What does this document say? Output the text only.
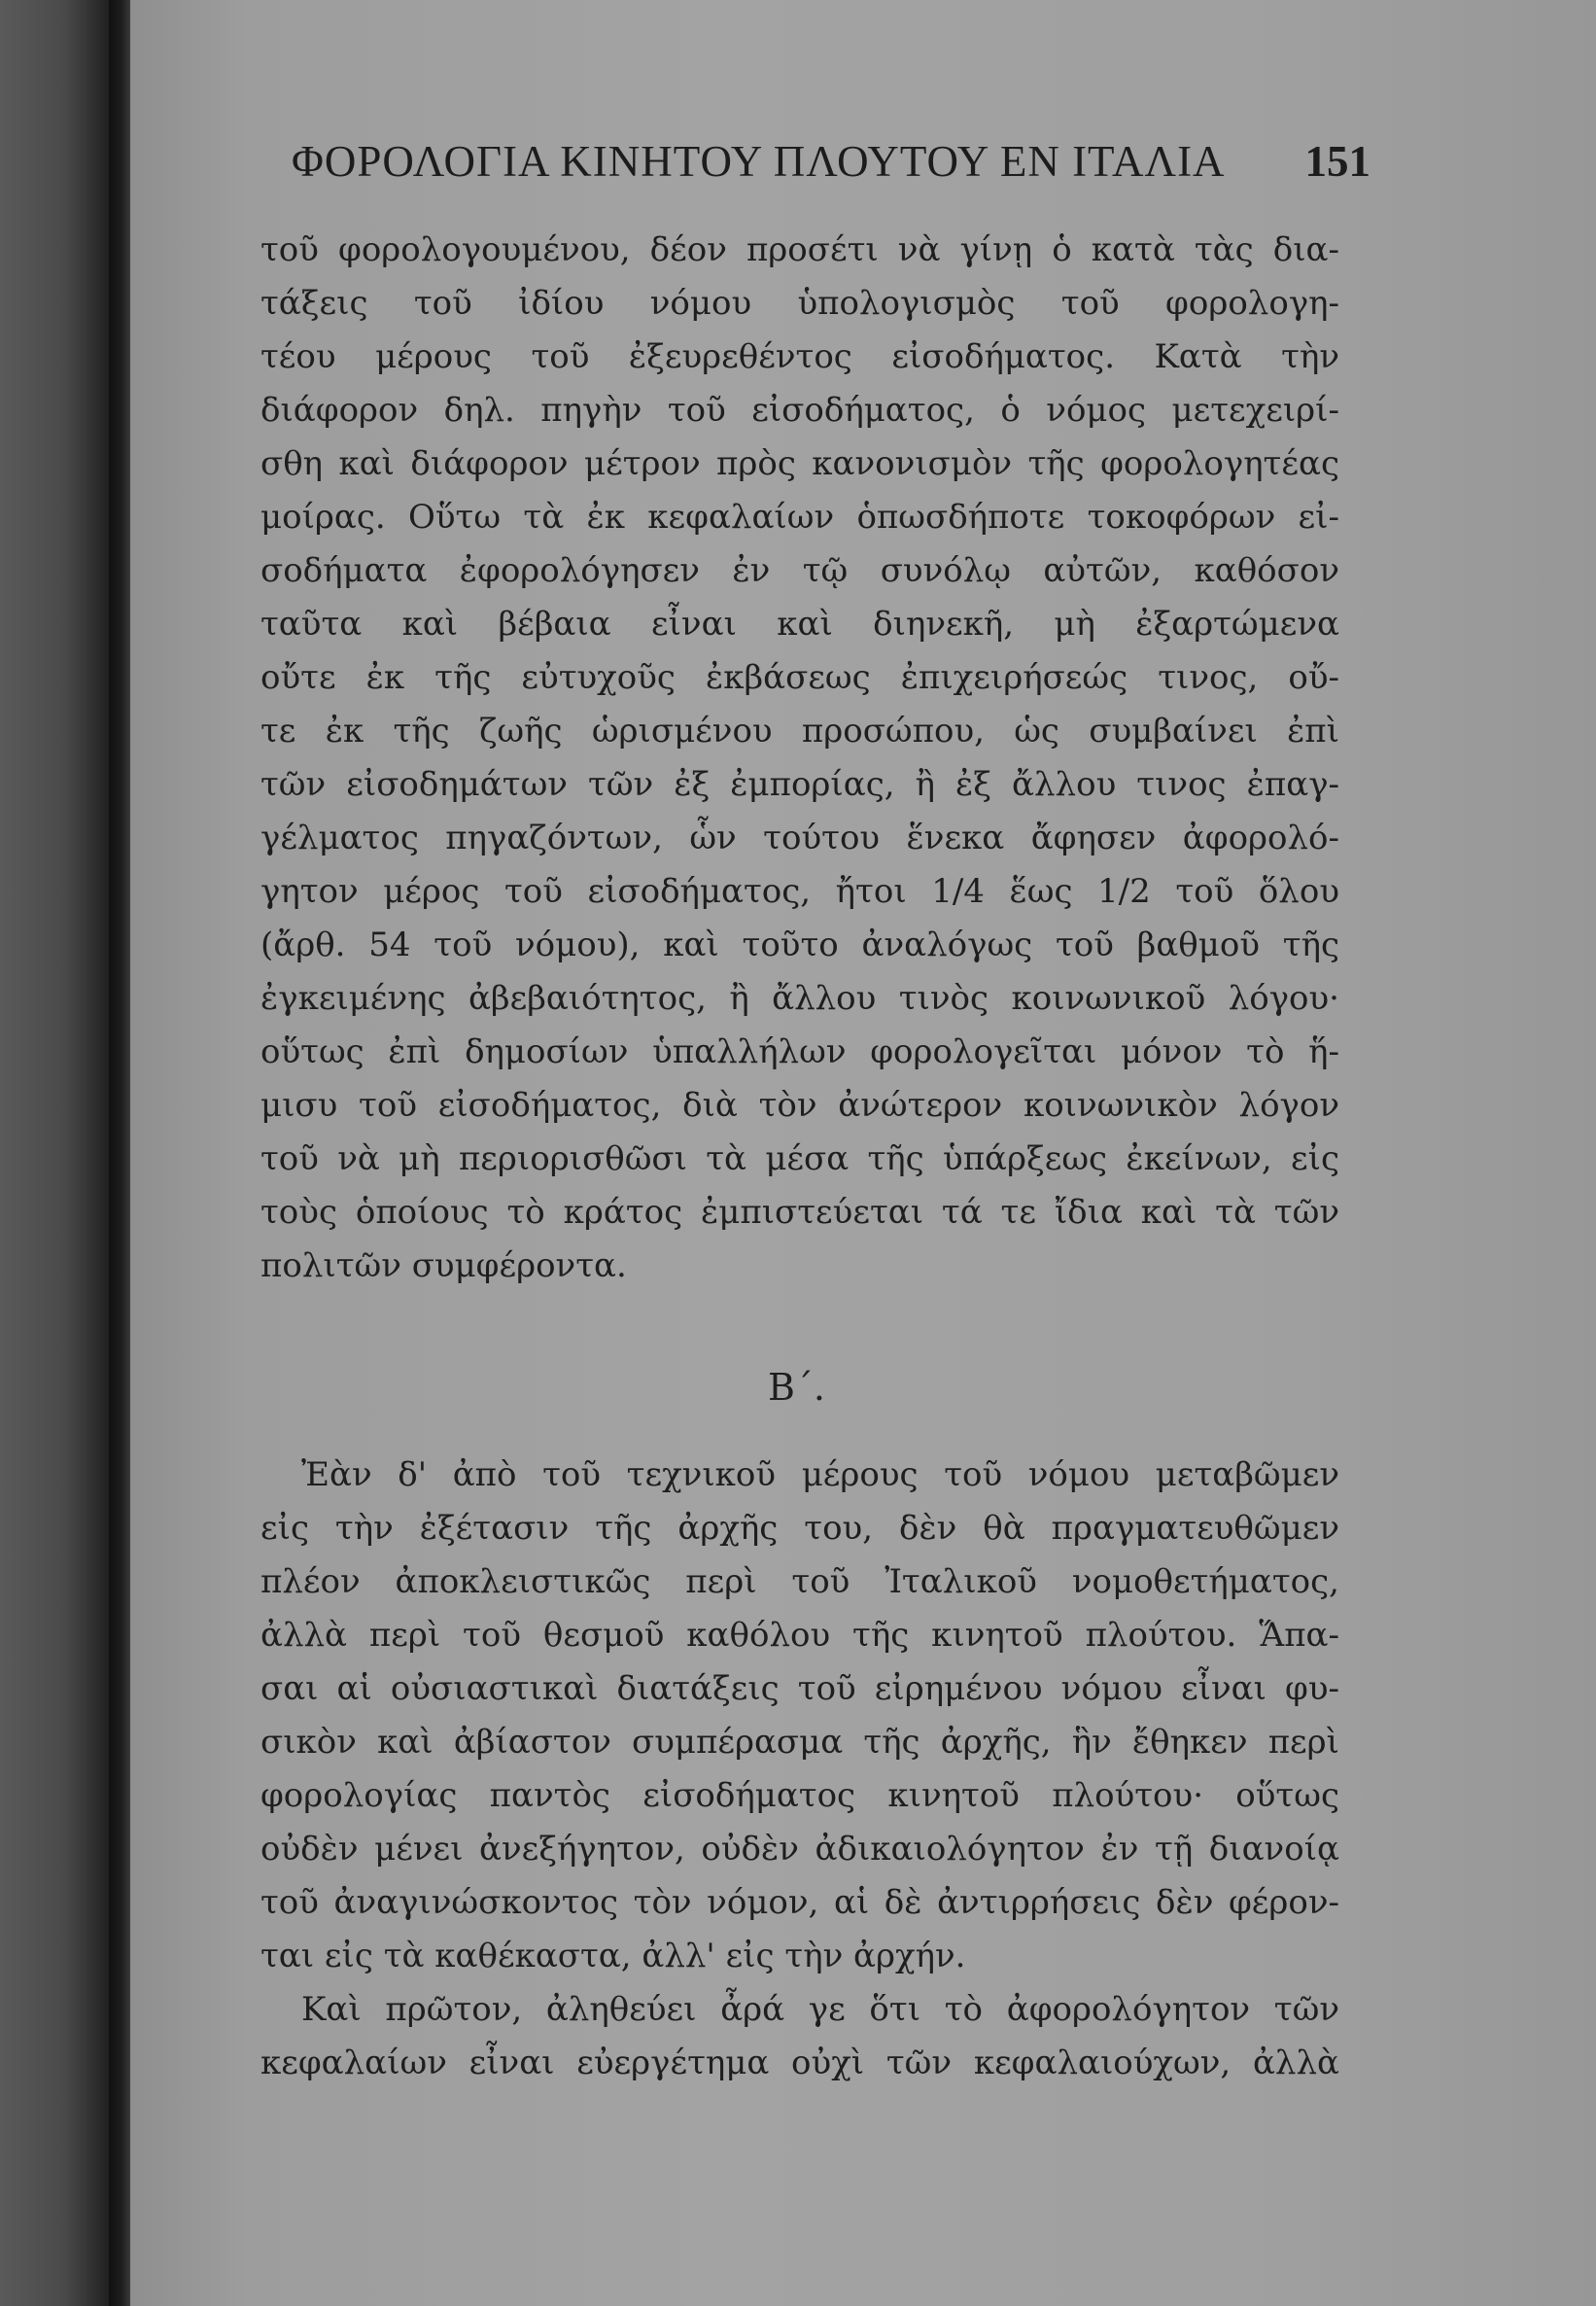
ΦΟΡΟΛΟΓΙΑ ΚΙΝΗΤΟΥ ΠΛΟΥΤΟΥ ΕΝ ΙΤΑΛΙΑ 151
τοῦ φορολογουμένου, δέον προσέτι νὰ γίνῃ ὁ κατὰ τὰς δια-
τάξεις τοῦ ἰδίου νόμου ὑπολογισμὸς τοῦ φορολογη-
τέου μέρους τοῦ ἐξευρεθέντος εἰσοδήματος. Κατὰ τὴν
διάφορον δηλ. πηγὴν τοῦ εἰσοδήματος, ὁ νόμος μετεχειρί-
σθη καὶ διάφορον μέτρον πρὸς κανονισμὸν τῆς φορολογητέας
μοίρας. Οὕτω τὰ ἐκ κεφαλαίων ὁπωσδήποτε τοκοφόρων εἰ-
σοδήματα ἐφορολόγησεν ἐν τῷ συνόλῳ αὐτῶν, καθόσον
ταῦτα καὶ βέβαια εἶναι καὶ διηνεκῆ, μὴ ἐξαρτώμενα
οὔτε ἐκ τῆς εὐτυχοῦς ἐκβάσεως ἐπιχειρήσεώς τινος, οὔ-
τε ἐκ τῆς ζωῆς ὡρισμένου προσώπου, ὡς συμβαίνει ἐπὶ
τῶν εἰσοδημάτων τῶν ἐξ ἐμπορίας, ἢ ἐξ ἄλλου τινος ἐπαγ-
γέλματος πηγαζόντων, ὧν τούτου ἕνεκα ἄφησεν ἀφορολό-
γητον μέρος τοῦ εἰσοδήματος, ἤτοι 1/4 ἕως 1/2 τοῦ ὅλου
(ἄρθ. 54 τοῦ νόμου), καὶ τοῦτο ἀναλόγως τοῦ βαθμοῦ τῆς
ἐγκειμένης ἀβεβαιότητος, ἢ ἄλλου τινὸς κοινωνικοῦ λόγου·
οὕτως ἐπὶ δημοσίων ὑπαλλήλων φορολογεῖται μόνον τὸ ἥ-
μισυ τοῦ εἰσοδήματος, διὰ τὸν ἀνώτερον κοινωνικὸν λόγον
τοῦ νὰ μὴ περιορισθῶσι τὰ μέσα τῆς ὑπάρξεως ἐκείνων, εἰς
τοὺς ὁποίους τὸ κράτος ἐμπιστεύεται τά τε ἴδια καὶ τὰ τῶν
πολιτῶν συμφέροντα.
Β΄.
Ἐὰν δ' ἀπὸ τοῦ τεχνικοῦ μέρους τοῦ νόμου μεταβῶμεν
εἰς τὴν ἐξέτασιν τῆς ἀρχῆς του, δὲν θὰ πραγματευθῶμεν
πλέον ἀποκλειστικῶς περὶ τοῦ Ἰταλικοῦ νομοθετήματος,
ἀλλὰ περὶ τοῦ θεσμοῦ καθόλου τῆς κινητοῦ πλούτου. Ἅπα-
σαι αἱ οὐσιαστικαὶ διατάξεις τοῦ εἰρημένου νόμου εἶναι φυ-
σικὸν καὶ ἀβίαστον συμπέρασμα τῆς ἀρχῆς, ἣν ἔθηκεν περὶ
φορολογίας παντὸς εἰσοδήματος κινητοῦ πλούτου· οὕτως
οὐδὲν μένει ἀνεξήγητον, οὐδὲν ἀδικαιολόγητον ἐν τῇ διανοίᾳ
τοῦ ἀναγινώσκοντος τὸν νόμον, αἱ δὲ ἀντιρρήσεις δὲν φέρον-
ται εἰς τὰ καθέκαστα, ἀλλ' εἰς τὴν ἀρχήν.
Καὶ πρῶτον, ἀληθεύει ἆρά γε ὅτι τὸ ἀφορολόγητον τῶν
κεφαλαίων εἶναι εὐεργέτημα οὐχὶ τῶν κεφαλαιούχων, ἀλλὰ
